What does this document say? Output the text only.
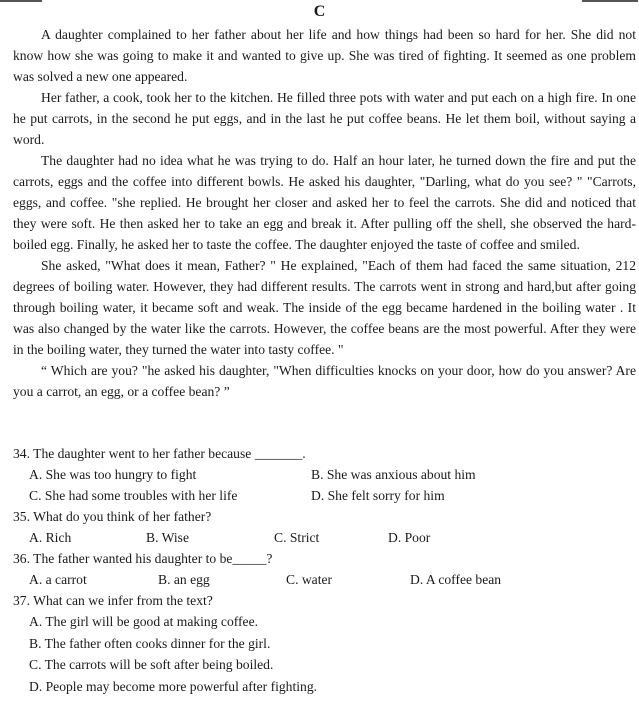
C

A daughter complained to her father about her life and how things had been so hard for her. She did not know how she was going to make it and wanted to give up. She was tired of fighting. It seemed as one problem was solved a new one appeared.

Her father, a cook, took her to the kitchen. He filled three pots with water and put each on a high fire. In one he put carrots, in the second he put eggs, and in the last he put coffee beans. He let them boil, without saying a word.

The daughter had no idea what he was trying to do. Half an hour later, he turned down the fire and put the carrots, eggs and the coffee into different bowls. He asked his daughter, "Darling, what do you see? " "Carrots, eggs, and coffee. "she replied. He brought her closer and asked her to feel the carrots. She did and noticed that they were soft. He then asked her to take an egg and break it. After pulling off the shell, she observed the hard-boiled egg. Finally, he asked her to taste the coffee. The daughter enjoyed the taste of coffee and smiled.

She asked, "What does it mean, Father? " He explained, "Each of them had faced the same situation, 212 degrees of boiling water. However, they had different results. The carrots went in strong and hard,but after going through boiling water, it became soft and weak. The inside of the egg became hardened in the boiling water . It was also changed by the water like the carrots. However, the coffee beans are the most powerful. After they were in the boiling water, they turned the water into tasty coffee. "

“ Which are you? "he asked his daughter, "When difficulties knocks on your door, how do you answer? Are you a carrot, an egg, or a coffee bean? ”

34. The daughter went to her father because _______.
A. She was too hungry to fight	B. She was anxious about him
C. She had some troubles with her life	D. She felt sorry for him
35. What do you think of her father?
A. Rich	B. Wise	C. Strict	D. Poor
36. The father wanted his daughter to be_____?
A. a carrot	B. an egg	C. water	D. A coffee bean
37. What can we infer from the text?
A. The girl will be good at making coffee.
B. The father often cooks dinner for the girl.
C. The carrots will be soft after being boiled.
D. People may become more powerful after fighting.
